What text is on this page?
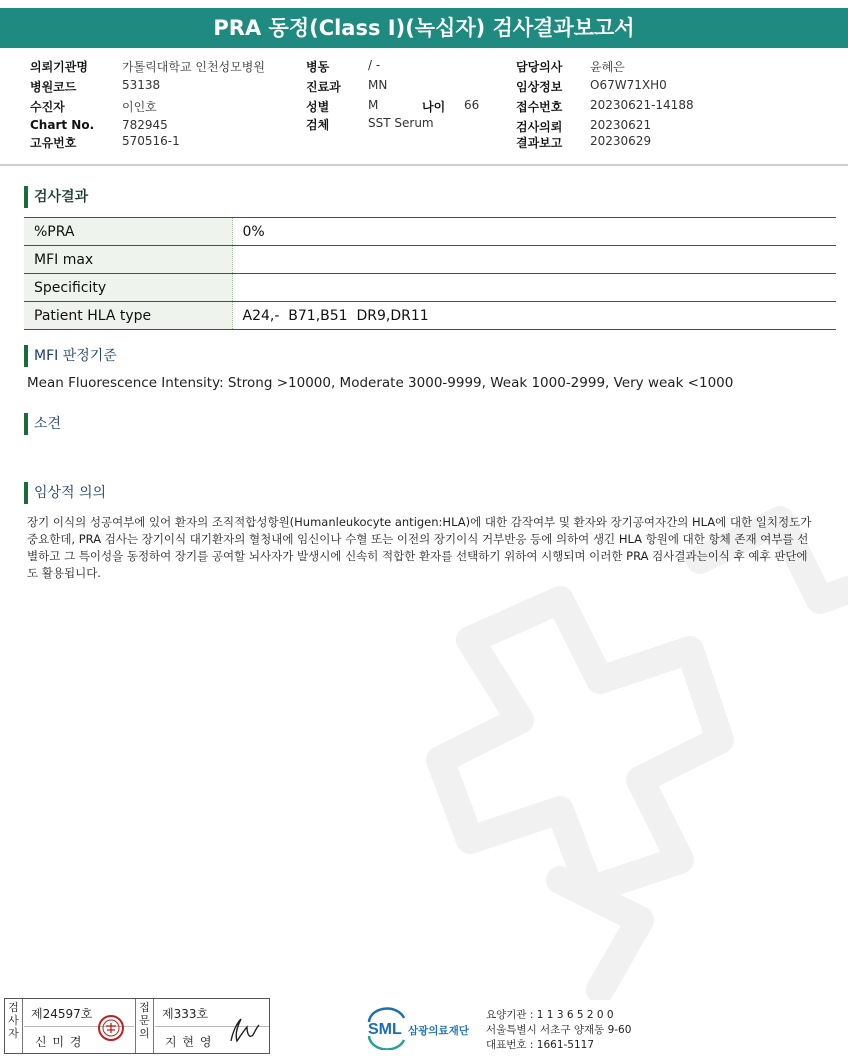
PRA 동정(Class I)(녹십자) 검사결과보고서
의뢰기관명	가톨릭대학교 인천성모병원
병원코드	53138
수진자	이인호
Chart No. 782945
고유번호	570516-1
병동	/ -
진료과 MN
성별	M	나이 66
검체	SST Serum
담당의사 윤혜은
임상정보 O67W71XH0
접수번호 20230621-14188
검사의뢰 20230621
결과보고 20230629
검사결과
%PRA	0%
MFI max	
Specificity	
Patient HLA type	A24,-  B71,B51  DR9,DR11
MFI 판정기준
Mean Fluorescence Intensity: Strong >10000, Moderate 3000-9999, Weak 1000-2999, Very weak <1000
소견
임상적 의의
장기 이식의 성공여부에 있어 환자의 조직적합성항원(Humanleukocyte antigen:HLA)에 대한 감작여부 및 환자와 장기공여자간의 HLA에 대한 일치정도가 중요한데, PRA 검사는 장기이식 대기환자의 혈청내에 임신이나 수혈 또는 이전의 장기이식 거부반응 등에 의하여 생긴 HLA 항원에 대한 항체 존재 여부를 선별하고 그 특이성을 동정하여 장기를 공여할 뇌사자가 발생시에 신속히 적합한 환자를 선택하기 위하여 시행되며 이러한 PRA 검사결과는이식 후 예후 판단에도 활용됩니다.
검
사
자
제24597호
신 미 경
접
문
의
제333호
지 현 영
SML 삼광의료재단
요양기관 : 1 1 3 6 5 2 0 0
서울특별시 서초구 양재동 9-60
대표번호 : 1661-5117
